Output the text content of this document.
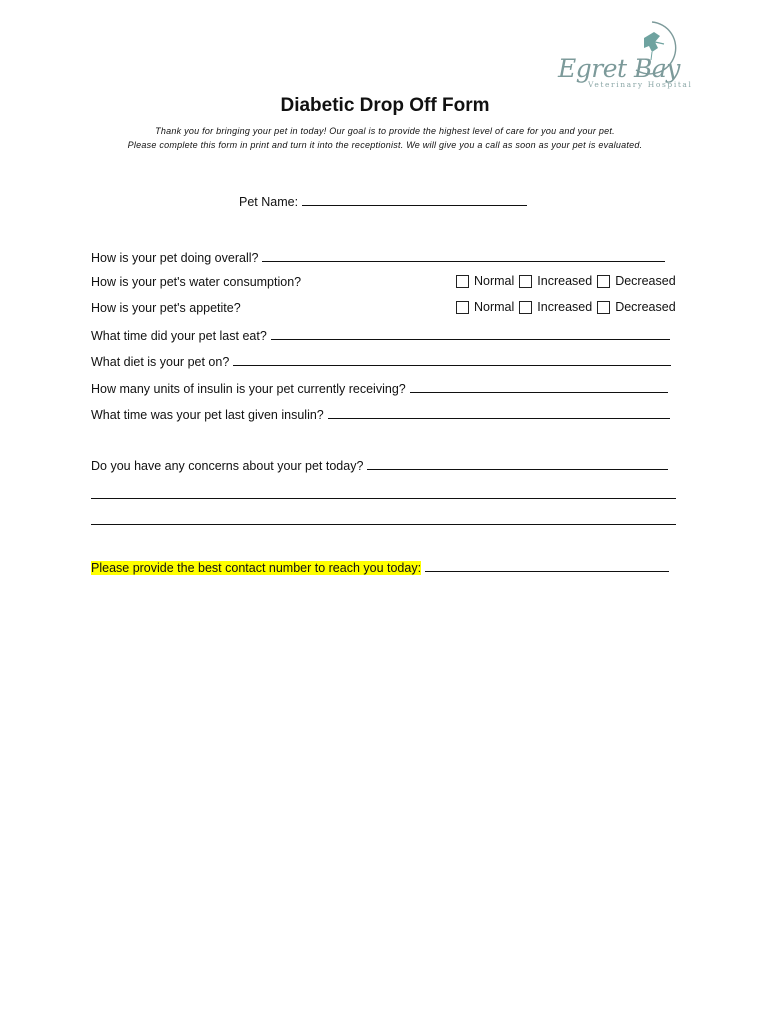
Egret Bay
Veterinary Hospital
Diabetic Drop Off Form
Thank you for bringing your pet in today! Our goal is to provide the highest level of care for you and your pet.
Please complete this form in print and turn it into the receptionist. We will give you a call as soon as your pet is evaluated.
Pet Name:
How is your pet doing overall?
How is your pet's water consumption?	Normal Increased Decreased
How is your pet's appetite?	Normal Increased Decreased
What time did your pet last eat?
What diet is your pet on?
How many units of insulin is your pet currently receiving?
What time was your pet last given insulin?
Do you have any concerns about your pet today?
Please provide the best contact number to reach you today:
